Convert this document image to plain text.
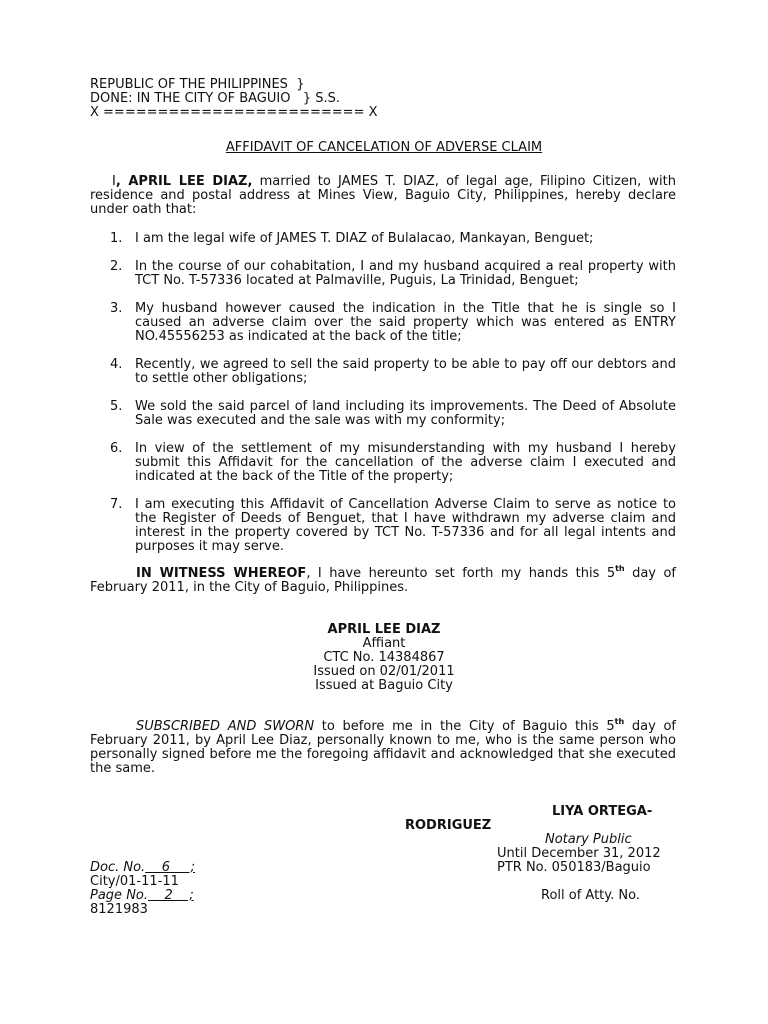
REPUBLIC OF THE PHILIPPINES  }
DONE: IN THE CITY OF BAGUIO   } S.S.
X ======================== X
AFFIDAVIT OF CANCELATION OF ADVERSE CLAIM
I, APRIL LEE DIAZ, married to JAMES T. DIAZ, of legal age, Filipino Citizen, with residence and postal address at Mines View, Baguio City, Philippines, hereby declare under oath that:
1. I am the legal wife of JAMES T. DIAZ of Bulalacao, Mankayan, Benguet;
2. In the course of our cohabitation, I and my husband acquired a real property with TCT No. T-57336 located at Palmaville, Puguis, La Trinidad, Benguet;
3. My husband however caused the indication in the Title that he is single so I caused an adverse claim over the said property which was entered as ENTRY NO.45556253 as indicated at the back of the title;
4. Recently, we agreed to sell the said property to be able to pay off our debtors and to settle other obligations;
5. We sold the said parcel of land including its improvements. The Deed of Absolute Sale was executed and the sale was with my conformity;
6. In view of the settlement of my misunderstanding with my husband I hereby submit this Affidavit for the cancellation of the adverse claim I executed and indicated at the back of the Title of the property;
7. I am executing this Affidavit of Cancellation Adverse Claim to serve as notice to the Register of Deeds of Benguet, that I have withdrawn my adverse claim and interest in the property covered by TCT No. T-57336 and for all legal intents and purposes it may serve.
IN WITNESS WHEREOF, I have hereunto set forth my hands this 5th day of February 2011, in the City of Baguio, Philippines.
APRIL LEE DIAZ
Affiant
CTC No. 14384867
Issued on 02/01/2011
Issued at Baguio City
SUBSCRIBED AND SWORN to before me in the City of Baguio this 5th day of February 2011, by April Lee Diaz, personally known to me, who is the same person who personally signed before me the foregoing affidavit and acknowledged that she executed the same.
LIYA ORTEGA-
RODRIGUEZ
Notary Public
Until December 31, 2012
Doc. No.    6     ;	PTR No. 050183/Baguio
City/01-11-11
Page No.    2    ;	Roll of Atty. No.
8121983
